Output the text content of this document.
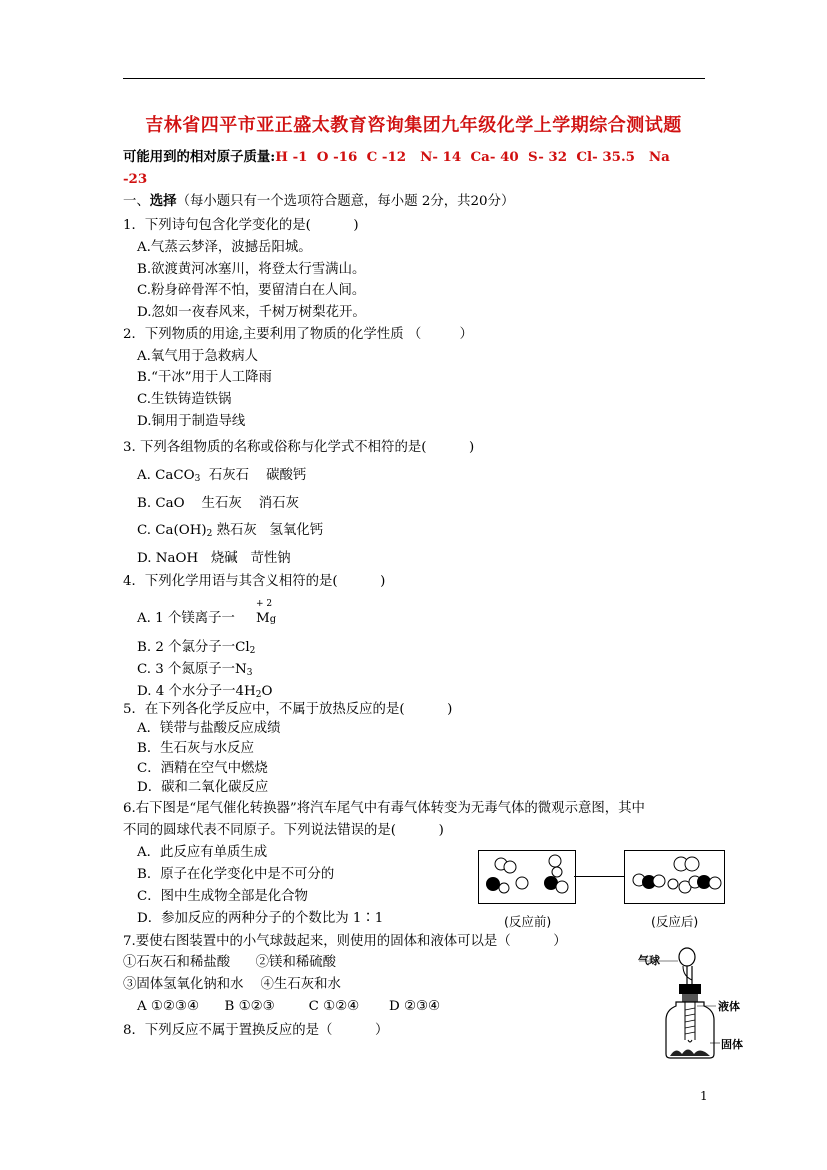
吉林省四平市亚正盛太教育咨询集团九年级化学上学期综合测试题
可能用到的相对原子质量:H -1  O -16  C -12   N- 14  Ca- 40  S- 32  Cl- 35.5   Na
-23
一、选择（每小题只有一个选项符合题意，每小题 2分，共20分）
1．下列诗句包含化学变化的是(          )
A.气蒸云梦泽，波撼岳阳城。
B.欲渡黄河冰塞川，将登太行雪满山。
C.粉身碎骨浑不怕，要留清白在人间。
D.忽如一夜春风来，千树万树梨花开。
2．下列物质的用途,主要利用了物质的化学性质 （         ）
A.氧气用于急救病人
B.“干冰”用于人工降雨
C.生铁铸造铁锅
D.铜用于制造导线
3. 下列各组物质的名称或俗称与化学式不相符的是(          )
A. CaCO$_3$  石灰石    碳酸钙
B. CaO    生石灰    消石灰
C. $Ca(OH)_2$ 熟石灰   氢氧化钙
D. NaOH   烧碱   苛性钠
4．下列化学用语与其含义相符的是(          )
A. 1 个镁离子一
+ 2
Mg
B. 2 个氯分子一$Cl_2$
C. 3 个氮原子一$N_3$
D. 4 个水分子一$4H_2O$
5．在下列各化学反应中，不属于放热反应的是(          )
A．镁带与盐酸反应成绩
B．生石灰与水反应
C．酒精在空气中燃烧
D．碳和二氧化碳反应
6.右下图是“尾气催化转换器”将汽车尾气中有毒气体转变为无毒气体的微观示意图，其中
不同的圆球代表不同原子。下列说法错误的是(          )
A．此反应有单质生成
B．原子在化学变化中是不可分的
C．图中生成物全部是化合物
D．参加反应的两种分子的个数比为 1∶1	(反应前)	(反应后)
7.要使右图装置中的小气球鼓起来，则使用的固体和液体可以是（          ）
①石灰石和稀盐酸      ②镁和稀硫酸
③固体氢氧化钠和水    ④生石灰和水
A ①②③④      B ①②③        C ①②④       D ②③④
气球
液体
固体
8．下列反应不属于置换反应的是（          ）
1
